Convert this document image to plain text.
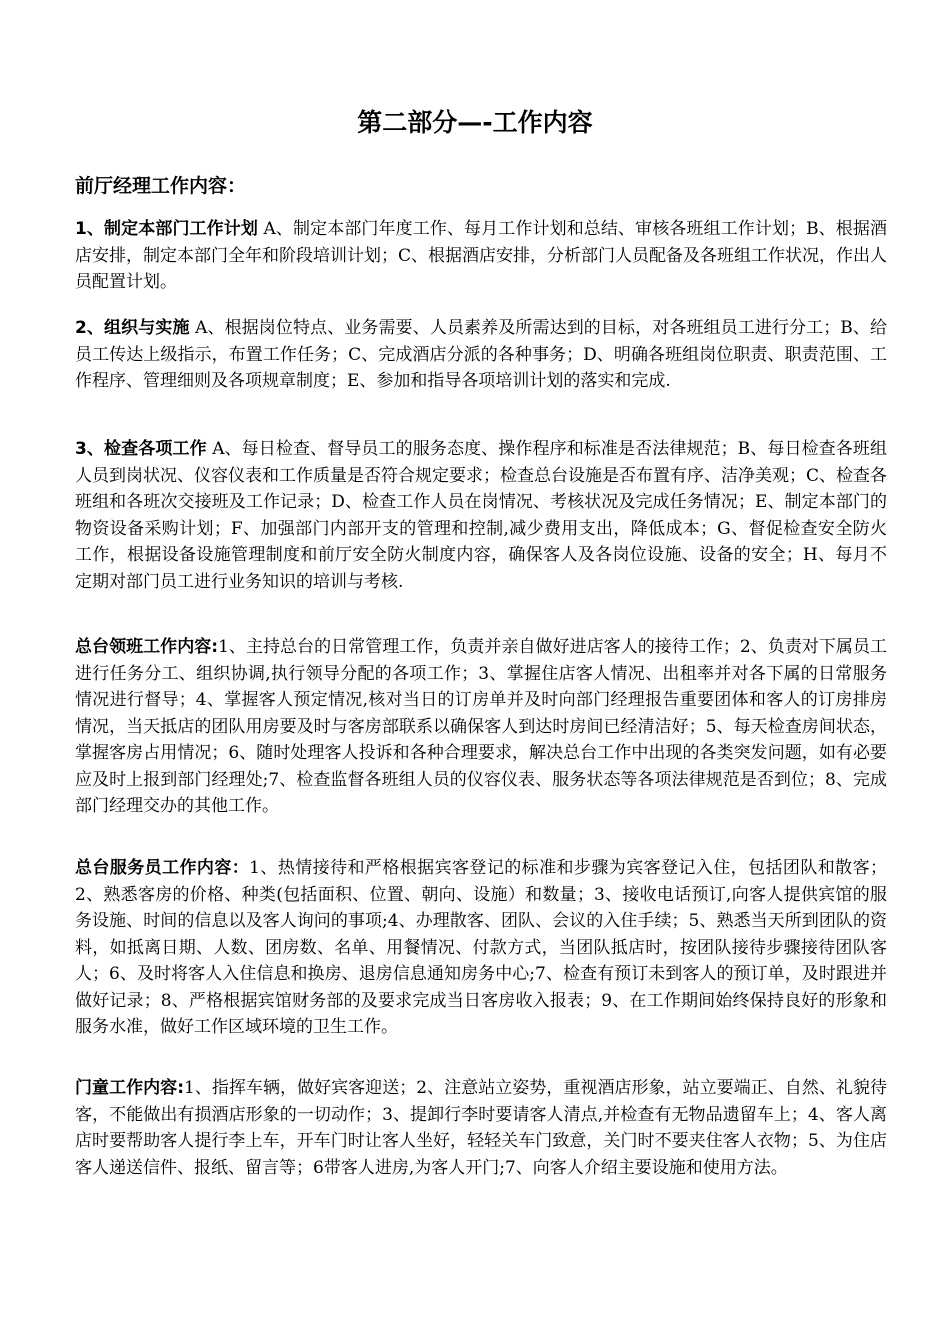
第二部分—-工作内容
前厅经理工作内容：

1、制定本部门工作计划 A、制定本部门年度工作、每月工作计划和总结、审核各班组工作计划；B、根据酒店安排，制定本部门全年和阶段培训计划；C、根据酒店安排，分析部门人员配备及各班组工作状况，作出人员配置计划。

2、组织与实施 A、根据岗位特点、业务需要、人员素养及所需达到的目标，对各班组员工进行分工；B、给员工传达上级指示，布置工作任务；C、完成酒店分派的各种事务；D、明确各班组岗位职责、职责范围、工作程序、管理细则及各项规章制度；E、参加和指导各项培训计划的落实和完成.

3、检查各项工作 A、每日检查、督导员工的服务态度、操作程序和标准是否法律规范；B、每日检查各班组人员到岗状况、仪容仪表和工作质量是否符合规定要求；检查总台设施是否布置有序、洁净美观；C、检查各班组和各班次交接班及工作记录；D、检查工作人员在岗情况、考核状况及完成任务情况；E、制定本部门的物资设备采购计划；F、加强部门内部开支的管理和控制,减少费用支出，降低成本；G、督促检查安全防火工作，根据设备设施管理制度和前厅安全防火制度内容，确保客人及各岗位设施、设备的安全；H、每月不定期对部门员工进行业务知识的培训与考核.

总台领班工作内容:1、主持总台的日常管理工作，负责并亲自做好进店客人的接待工作；2、负责对下属员工进行任务分工、组织协调,执行领导分配的各项工作；3、掌握住店客人情况、出租率并对各下属的日常服务情况进行督导；4、掌握客人预定情况,核对当日的订房单并及时向部门经理报告重要团体和客人的订房排房情况，当天抵店的团队用房要及时与客房部联系以确保客人到达时房间已经清洁好；5、每天检查房间状态，掌握客房占用情况；6、随时处理客人投诉和各种合理要求，解决总台工作中出现的各类突发问题，如有必要应及时上报到部门经理处;7、检查监督各班组人员的仪容仪表、服务状态等各项法律规范是否到位；8、完成部门经理交办的其他工作。

总台服务员工作内容：1、热情接待和严格根据宾客登记的标准和步骤为宾客登记入住，包括团队和散客；2、熟悉客房的价格、种类(包括面积、位置、朝向、设施）和数量；3、接收电话预订,向客人提供宾馆的服务设施、时间的信息以及客人询问的事项;4、办理散客、团队、会议的入住手续；5、熟悉当天所到团队的资料，如抵离日期、人数、团房数、名单、用餐情况、付款方式，当团队抵店时，按团队接待步骤接待团队客人；6、及时将客人入住信息和换房、退房信息通知房务中心;7、检查有预订未到客人的预订单，及时跟进并做好记录；8、严格根据宾馆财务部的及要求完成当日客房收入报表；9、在工作期间始终保持良好的形象和服务水准，做好工作区域环境的卫生工作。

门童工作内容:1、指挥车辆，做好宾客迎送；2、注意站立姿势，重视酒店形象，站立要端正、自然、礼貌待客，不能做出有损酒店形象的一切动作；3、提卸行李时要请客人清点,并检查有无物品遗留车上；4、客人离店时要帮助客人提行李上车，开车门时让客人坐好，轻轻关车门致意，关门时不要夹住客人衣物；5、为住店客人递送信件、报纸、留言等；6带客人进房,为客人开门;7、向客人介绍主要设施和使用方法。
